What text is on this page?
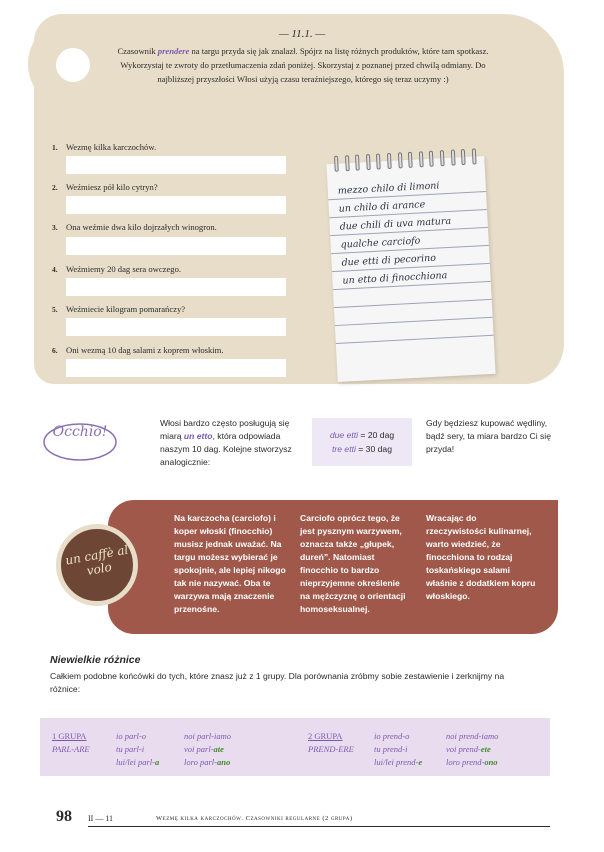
— 11.1. —
Czasownik prendere na targu przyda się jak znalazł. Spójrz na listę różnych produktów, które tam spotkasz. Wykorzystaj te zwroty do przetłumaczenia zdań poniżej. Skorzystaj z poznanej przed chwilą odmiany. Do najbliższej przyszłości Włosi użyją czasu teraźniejszego, którego się teraz uczymy :)
1. Wezmę kilka karczochów.
2. Weźmiesz pół kilo cytryn?
3. Ona weźmie dwa kilo dojrzałych winogron.
4. Weźmiemy 20 dag sera owczego.
5. Weźmiecie kilogram pomarańczy?
6. Oni wezmą 10 dag salami z koprem włoskim.
mezzo chilo di limoni
un chilo di arance
due chili di uva matura
qualche carciofo
due etti di pecorino
un etto di finocchiona
Occhio!
Włosi bardzo często posługują się miarą un etto, która odpowiada naszym 10 dag. Kolejne stworzysz analogicznie:
due etti = 20 dag
tre etti = 30 dag
Gdy będziesz kupować wędliny, bądź sery, ta miara bardzo Ci się przyda!
un caffè al volo
Na karczocha (carciofo) i koper włoski (finocchio) musisz jednak uważać. Na targu możesz wybierać je spokojnie, ale lepiej nikogo tak nie nazywać. Oba te warzywa mają znaczenie przenośne.
Carciofo oprócz tego, że jest pysznym warzywem, oznacza także „głupek, dureń”. Natomiast finocchio to bardzo nieprzyjemne określenie na mężczyznę o orientacji homoseksualnej.
Wracając do rzeczywistości kulinarnej, warto wiedzieć, że finocchiona to rodzaj toskańskiego salami właśnie z dodatkiem kopru włoskiego.
Niewielkie różnice
Całkiem podobne końcówki do tych, które znasz już z 1 grupy. Dla porównania zróbmy sobie zestawienie i zerknijmy na różnice:
1 GRUPA
PARL-ARE
io parl-o
tu parl-i
lui/lei parl-a
noi parl-iamo
voi parl-ate
loro parl-ano
2 GRUPA
PREND-ERE
io prend-o
tu prend-i
lui/lei prend-e
noi prend-iamo
voi prend-ete
loro prend-ono
98 II — 11	Wezmę kilka karczochów. Czasowniki regularne (2 grupa)
